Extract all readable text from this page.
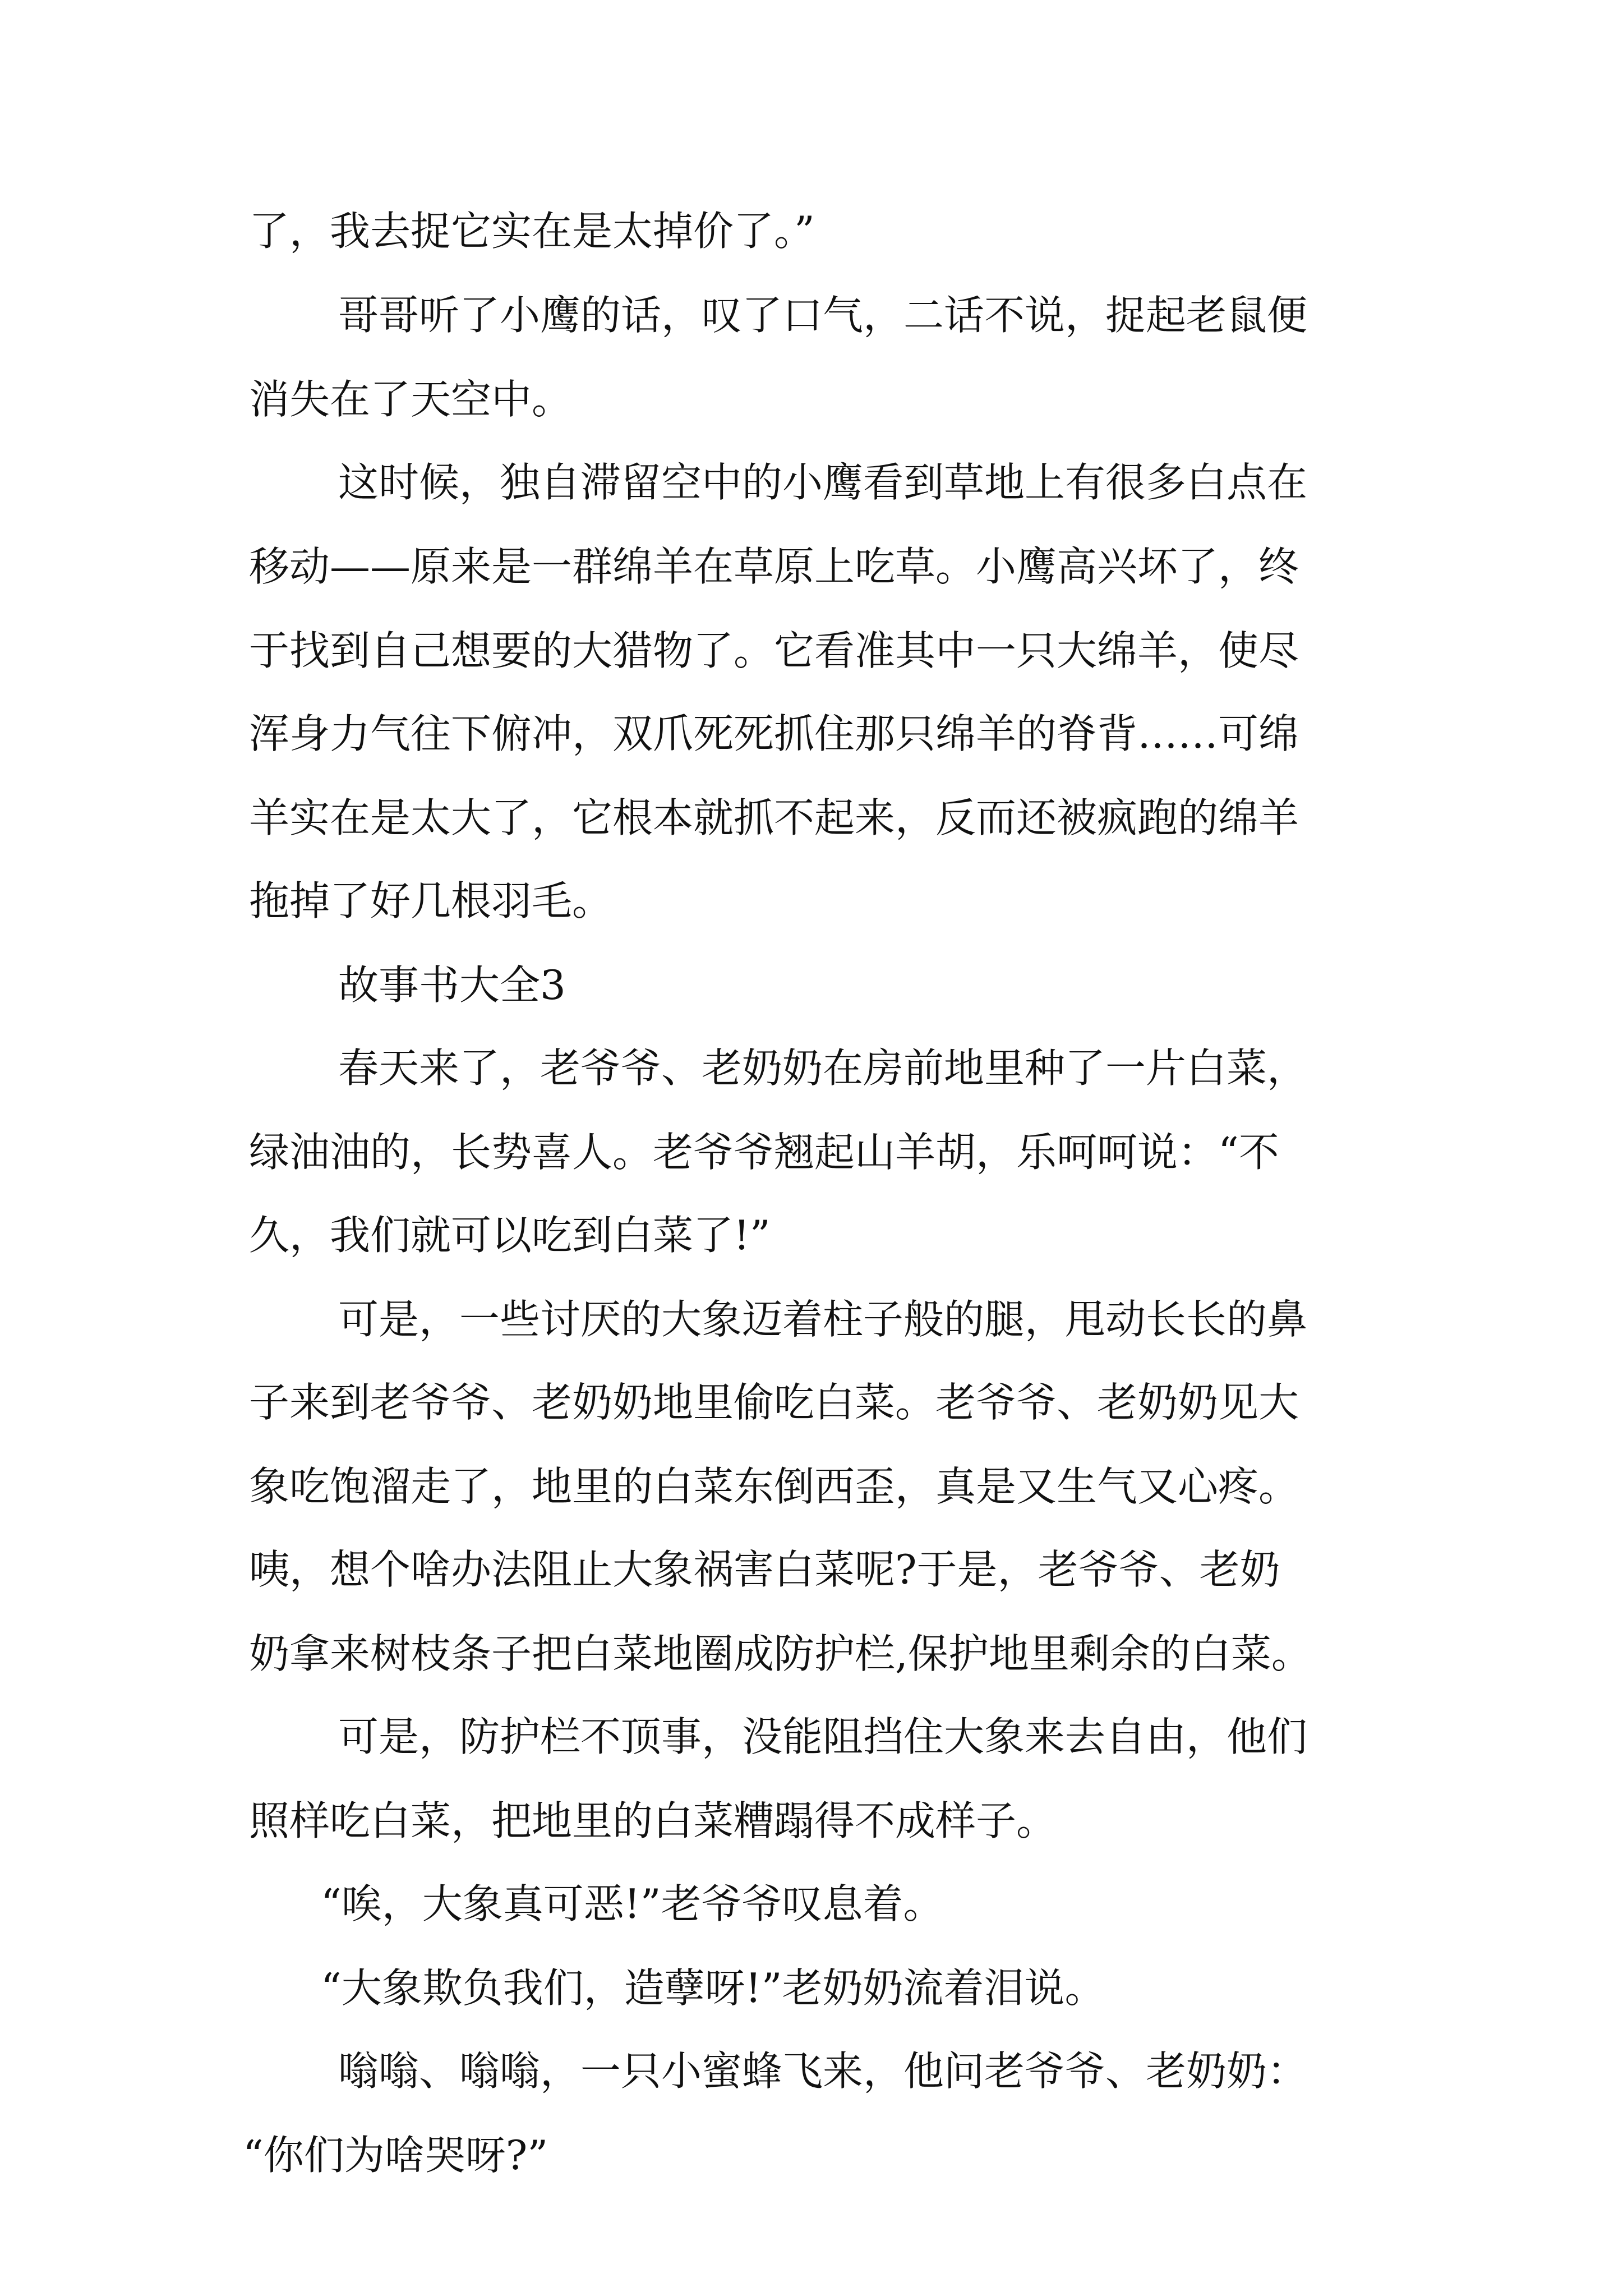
了，我去捉它实在是太掉价了。”
哥哥听了小鹰的话，叹了口气，二话不说，捉起老鼠便
消失在了天空中。
这时候，独自滞留空中的小鹰看到草地上有很多白点在
移动——原来是一群绵羊在草原上吃草。小鹰高兴坏了，终
于找到自己想要的大猎物了。它看准其中一只大绵羊，使尽
浑身力气往下俯冲，双爪死死抓住那只绵羊的脊背……可绵
羊实在是太大了，它根本就抓不起来，反而还被疯跑的绵羊
拖掉了好几根羽毛。
故事书大全3
春天来了，老爷爷、老奶奶在房前地里种了一片白菜，
绿油油的，长势喜人。老爷爷翘起山羊胡，乐呵呵说：“不
久，我们就可以吃到白菜了!”
可是，一些讨厌的大象迈着柱子般的腿，甩动长长的鼻
子来到老爷爷、老奶奶地里偷吃白菜。老爷爷、老奶奶见大
象吃饱溜走了，地里的白菜东倒西歪，真是又生气又心疼。
咦，想个啥办法阻止大象祸害白菜呢?于是，老爷爷、老奶
奶拿来树枝条子把白菜地圈成防护栏,保护地里剩余的白菜。
可是，防护栏不顶事，没能阻挡住大象来去自由，他们
照样吃白菜，把地里的白菜糟蹋得不成样子。
“唉，大象真可恶!”老爷爷叹息着。
“大象欺负我们，造孽呀!”老奶奶流着泪说。
嗡嗡、嗡嗡，一只小蜜蜂飞来，他问老爷爷、老奶奶：
“你们为啥哭呀?”
